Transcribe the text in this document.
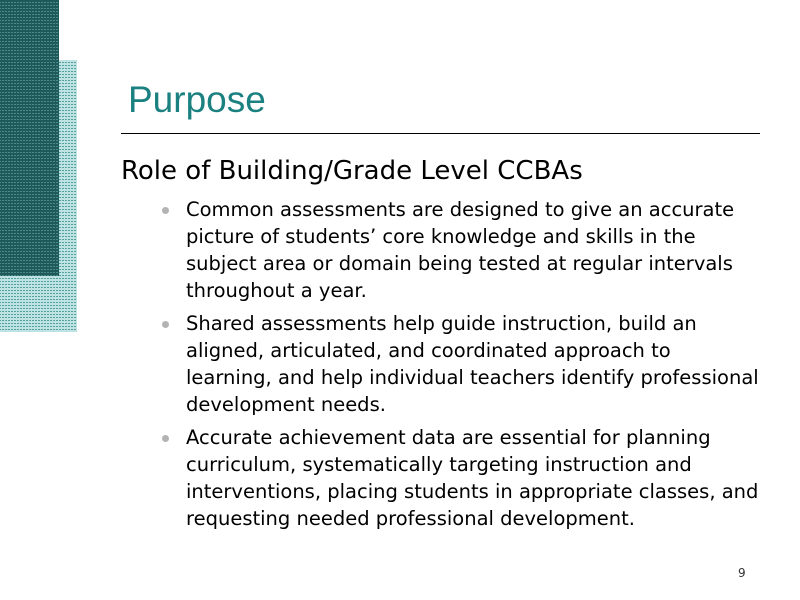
Purpose
Role of Building/Grade Level CCBAs
Common assessments are designed to give an accurate picture of students’ core knowledge and skills in the subject area or domain being tested at regular intervals throughout a year.
Shared assessments help guide instruction, build an aligned, articulated, and coordinated approach to learning, and help individual teachers identify professional development needs.
Accurate achievement data are essential for planning curriculum, systematically targeting instruction and interventions, placing students in appropriate classes, and requesting needed professional development.
9
